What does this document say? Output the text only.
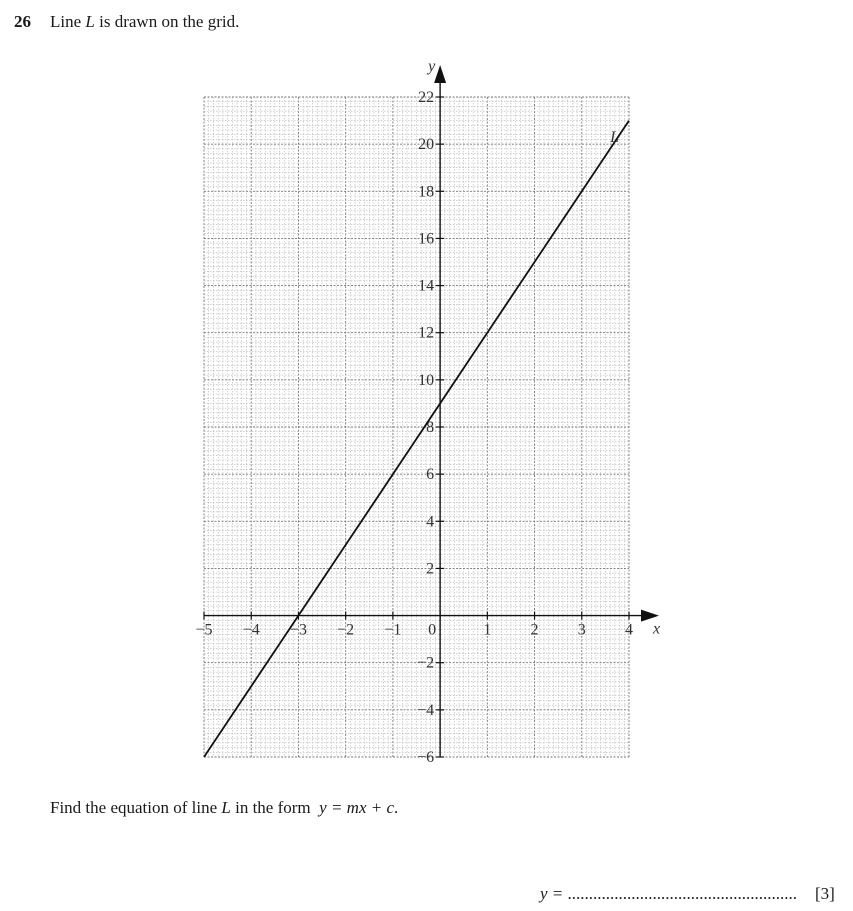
26 Line L is drawn on the grid.
−5 −4 −3 −2 −1 0	1 2 3 4
−6
−4
−2
2
4
6
8
10
12
14
16
18
20
22
x
y
L
Find the equation of line L in the form  y = mx + c.
y = ...................................................... [3]
